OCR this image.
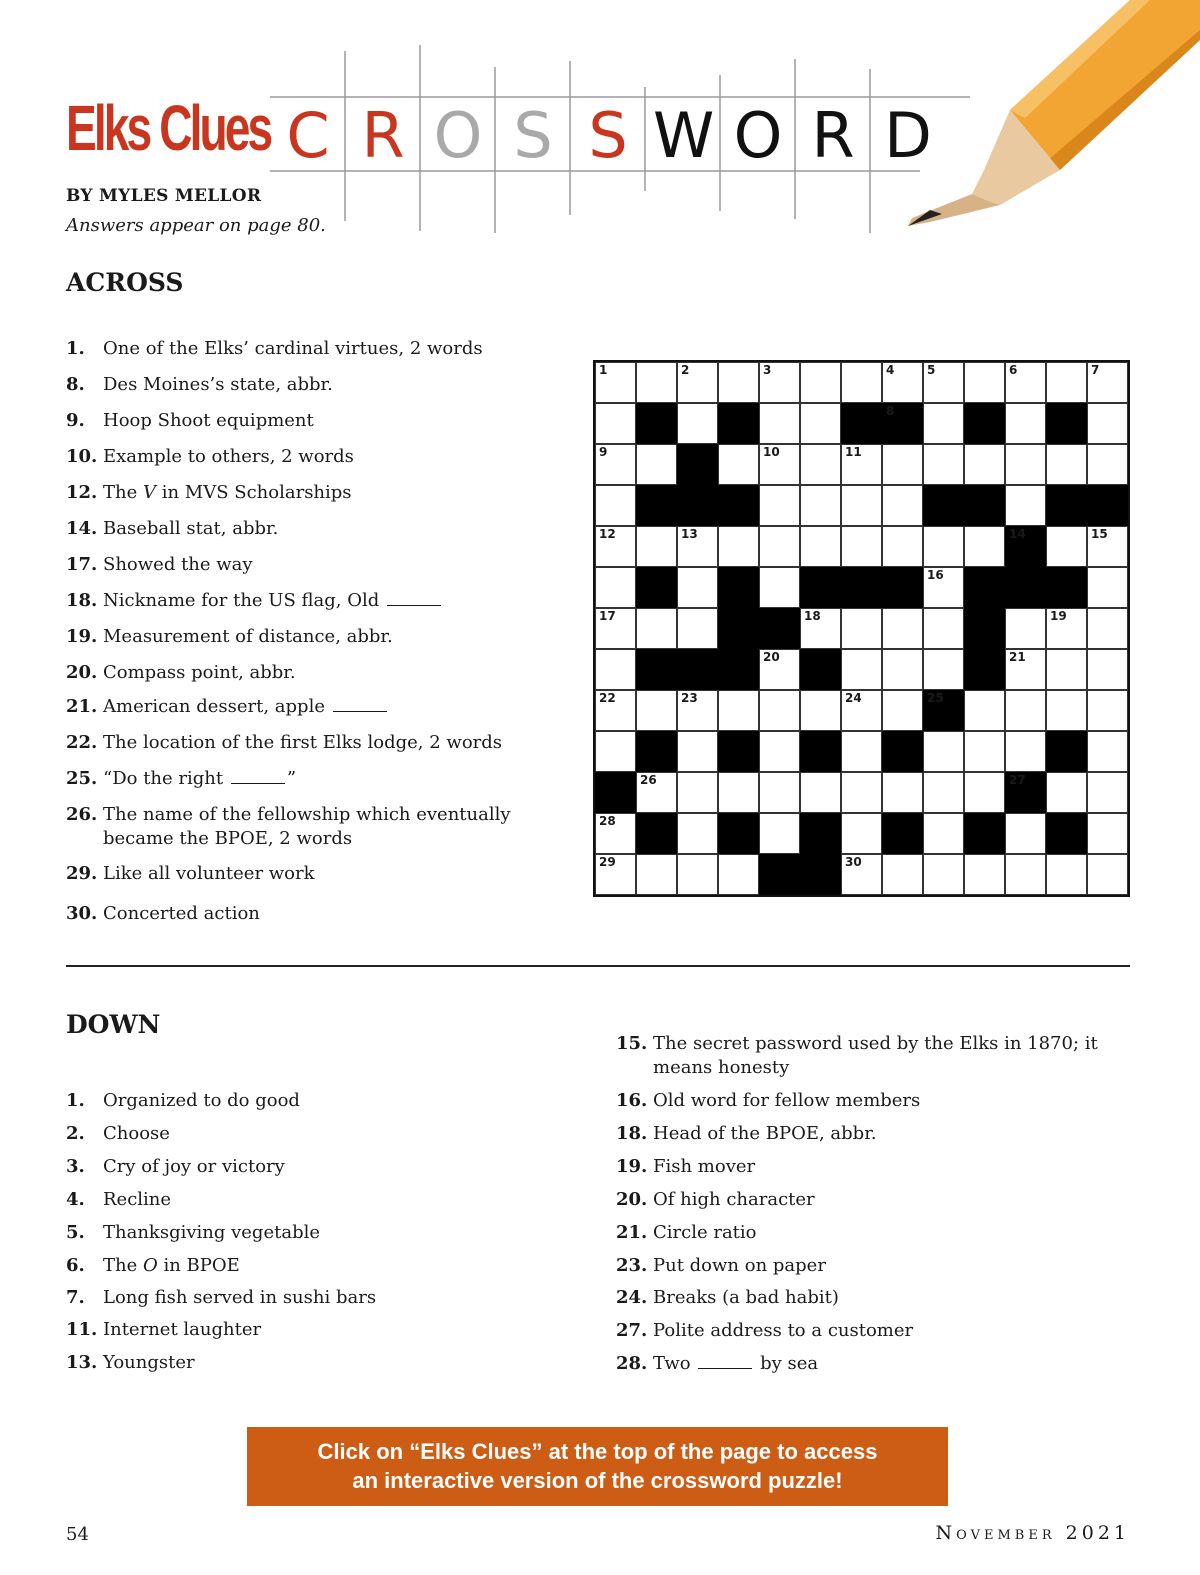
Elks Clues C R O S S W O R D
BY MYLES MELLOR
Answers appear on page 80.
ACROSS
1. One of the Elks’ cardinal virtues, 2 words
8. Des Moines’s state, abbr.
9. Hoop Shoot equipment
10. Example to others, 2 words
12. The V in MVS Scholarships
14. Baseball stat, abbr.
17. Showed the way
18. Nickname for the US flag, Old
19. Measurement of distance, abbr.
20. Compass point, abbr.
21. American dessert, apple
22. The location of the first Elks lodge, 2 words
25. “Do the right	”
26. The name of the fellowship which eventually
became the BPOE, 2 words
29. Like all volunteer work
30. Concerted action
1	2	3	4	5	6	7
8
9	10	11
12	13	14	15
16
17	18	19
20	21
22	23	24	25
26	27
28
29	30
DOWN
1. Organized to do good
2. Choose
3. Cry of joy or victory
4. Recline
5. Thanksgiving vegetable
6. The O in BPOE
7. Long fish served in sushi bars
11. Internet laughter
13. Youngster
15. The secret password used by the Elks in 1870; it
means honesty
16. Old word for fellow members
18. Head of the BPOE, abbr.
19. Fish mover
20. Of high character
21. Circle ratio
23. Put down on paper
24. Breaks (a bad habit)
27. Polite address to a customer
28. Two	by sea
Click on “Elks Clues” at the top of the page to access
an interactive version of the crossword puzzle!
54	November 2021
